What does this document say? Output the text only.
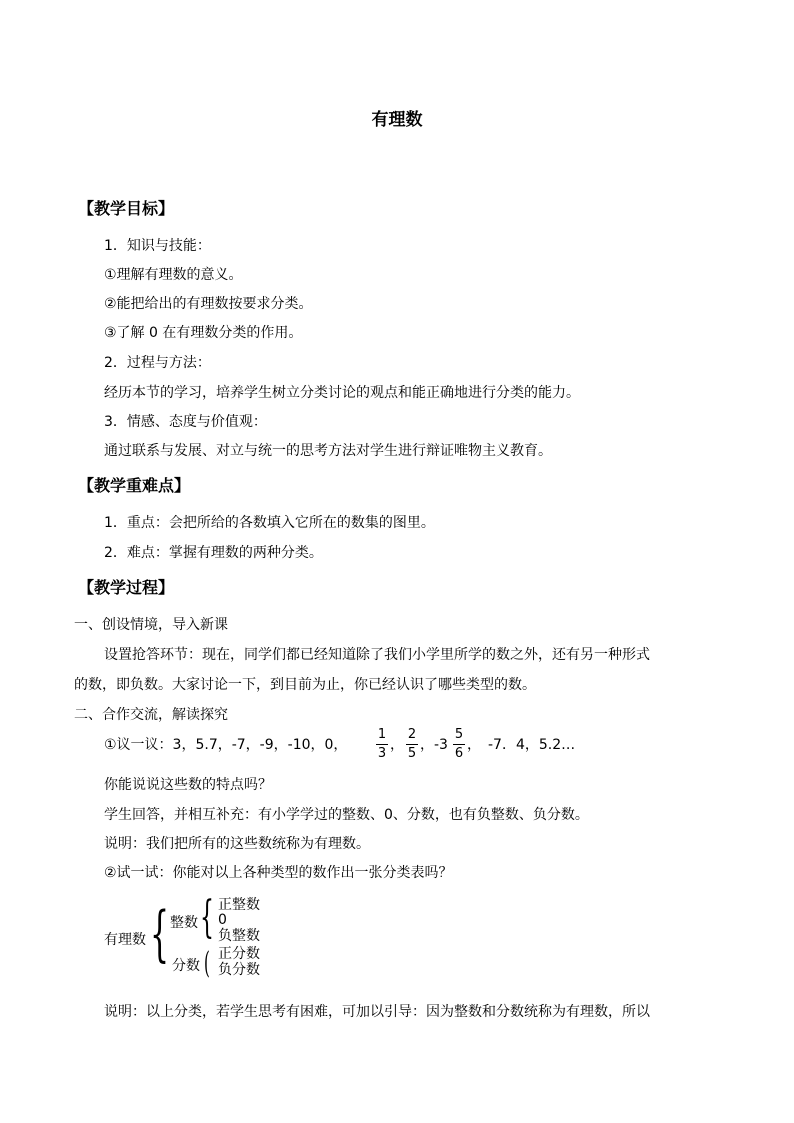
有理数
【教学目标】
1．知识与技能：
①理解有理数的意义。
②能把给出的有理数按要求分类。
③了解 0 在有理数分类的作用。
2．过程与方法：
经历本节的学习，培养学生树立分类讨论的观点和能正确地进行分类的能力。
3．情感、态度与价值观：
通过联系与发展、对立与统一的思考方法对学生进行辩证唯物主义教育。
【教学重难点】
1．重点：会把所给的各数填入它所在的数集的图里。
2．难点：掌握有理数的两种分类。
【教学过程】
一、创设情境，导入新课
设置抢答环节：现在，同学们都已经知道除了我们小学里所学的数之外，还有另一种形式
的数，即负数。大家讨论一下，到目前为止，你已经认识了哪些类型的数。
二、合作交流，解读探究
①议一议：3，5.7，-7，-9，-10，0，
1
3
，
2
5
，-3
5
6
，　-7．4，5.2…
你能说说这些数的特点吗？
学生回答，并相互补充：有小学学过的整数、0、分数，也有负整数、负分数。
说明：我们把所有的这些数统称为有理数。
②试一试：你能对以上各种类型的数作出一张分类表吗？
有理数 { 整数 { 正整数
0
负整数
分数 ( 正分数
负分数
说明：以上分类，若学生思考有困难，可加以引导：因为整数和分数统称为有理数，所以
